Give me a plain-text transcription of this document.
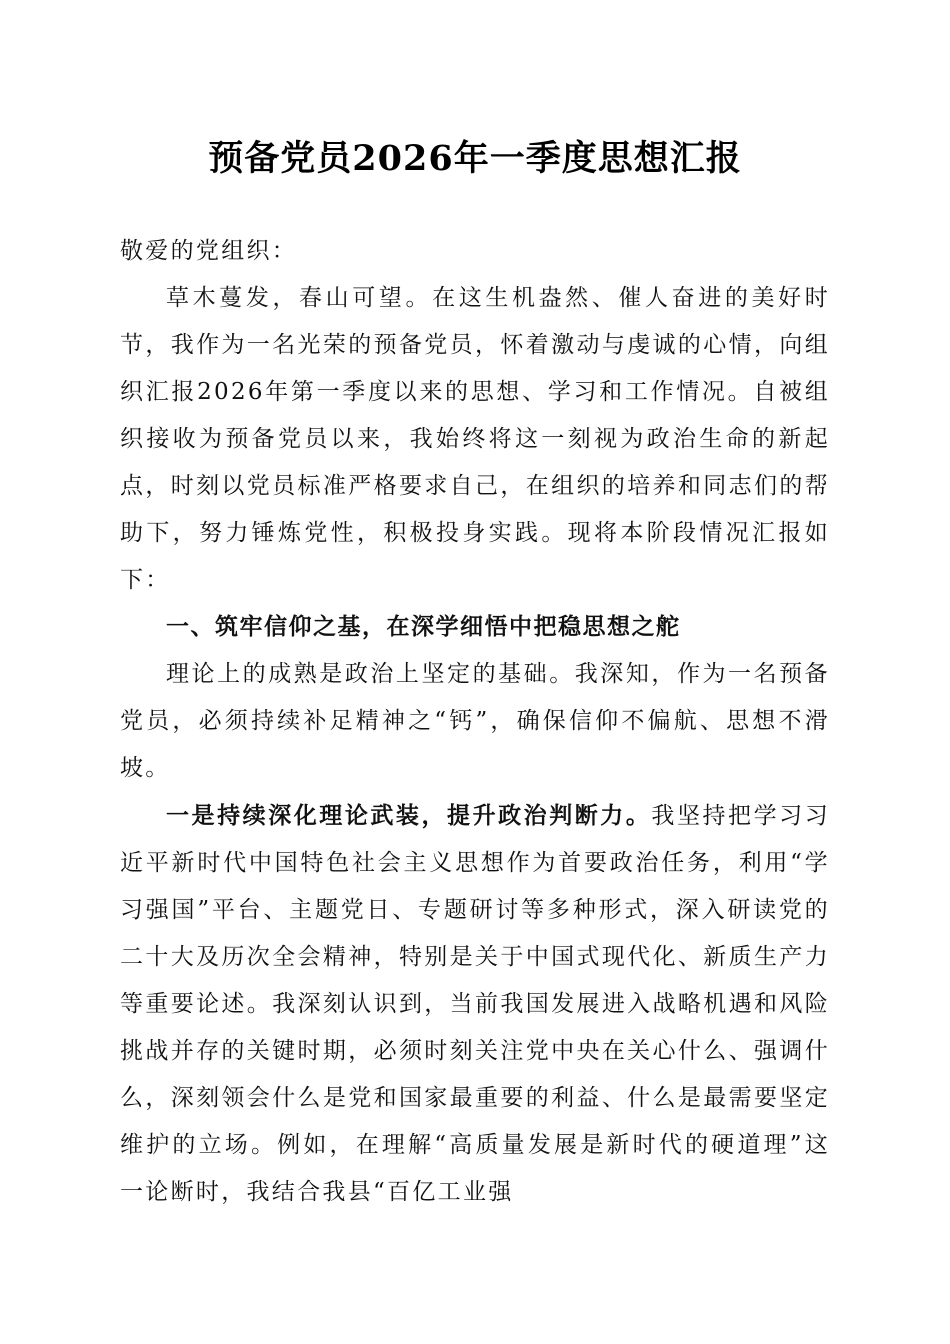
预备党员2026年一季度思想汇报

敬爱的党组织：

草木蔓发，春山可望。在这生机盎然、催人奋进的美好时节，我作为一名光荣的预备党员，怀着激动与虔诚的心情，向组织汇报2026年第一季度以来的思想、学习和工作情况。自被组织接收为预备党员以来，我始终将这一刻视为政治生命的新起点，时刻以党员标准严格要求自己，在组织的培养和同志们的帮助下，努力锤炼党性，积极投身实践。现将本阶段情况汇报如下：

一、筑牢信仰之基，在深学细悟中把稳思想之舵

理论上的成熟是政治上坚定的基础。我深知，作为一名预备党员，必须持续补足精神之“钙”，确保信仰不偏航、思想不滑坡。

一是持续深化理论武装，提升政治判断力。我坚持把学习习近平新时代中国特色社会主义思想作为首要政治任务，利用“学习强国”平台、主题党日、专题研讨等多种形式，深入研读党的二十大及历次全会精神，特别是关于中国式现代化、新质生产力等重要论述。我深刻认识到，当前我国发展进入战略机遇和风险挑战并存的关键时期，必须时刻关注党中央在关心什么、强调什么，深刻领会什么是党和国家最重要的利益、什么是最需要坚定维护的立场。例如，在理解“高质量发展是新时代的硬道理”这一论断时，我结合我县“百亿工业强
